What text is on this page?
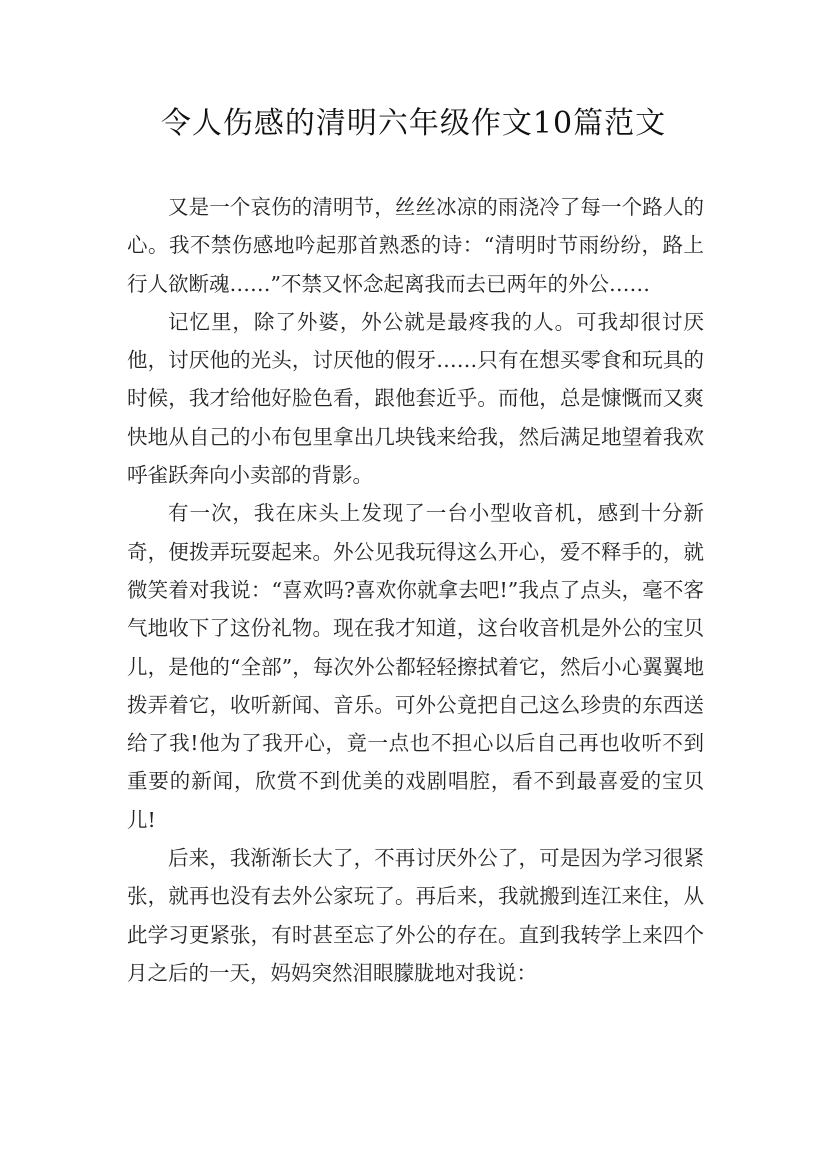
令人伤感的清明六年级作文10篇范文

又是一个哀伤的清明节，丝丝冰凉的雨浇冷了每一个路人的心。我不禁伤感地吟起那首熟悉的诗：“清明时节雨纷纷，路上行人欲断魂……”不禁又怀念起离我而去已两年的外公……

记忆里，除了外婆，外公就是最疼我的人。可我却很讨厌他，讨厌他的光头，讨厌他的假牙……只有在想买零食和玩具的时候，我才给他好脸色看，跟他套近乎。而他，总是慷慨而又爽快地从自己的小布包里拿出几块钱来给我，然后满足地望着我欢呼雀跃奔向小卖部的背影。

有一次，我在床头上发现了一台小型收音机，感到十分新奇，便拨弄玩耍起来。外公见我玩得这么开心，爱不释手的，就微笑着对我说：“喜欢吗?喜欢你就拿去吧!”我点了点头，毫不客气地收下了这份礼物。现在我才知道，这台收音机是外公的宝贝儿，是他的“全部”，每次外公都轻轻擦拭着它，然后小心翼翼地拨弄着它，收听新闻、音乐。可外公竟把自己这么珍贵的东西送给了我!他为了我开心，竟一点也不担心以后自己再也收听不到重要的新闻，欣赏不到优美的戏剧唱腔，看不到最喜爱的宝贝儿!

后来，我渐渐长大了，不再讨厌外公了，可是因为学习很紧张，就再也没有去外公家玩了。再后来，我就搬到连江来住，从此学习更紧张，有时甚至忘了外公的存在。直到我转学上来四个月之后的一天，妈妈突然泪眼朦胧地对我说：
